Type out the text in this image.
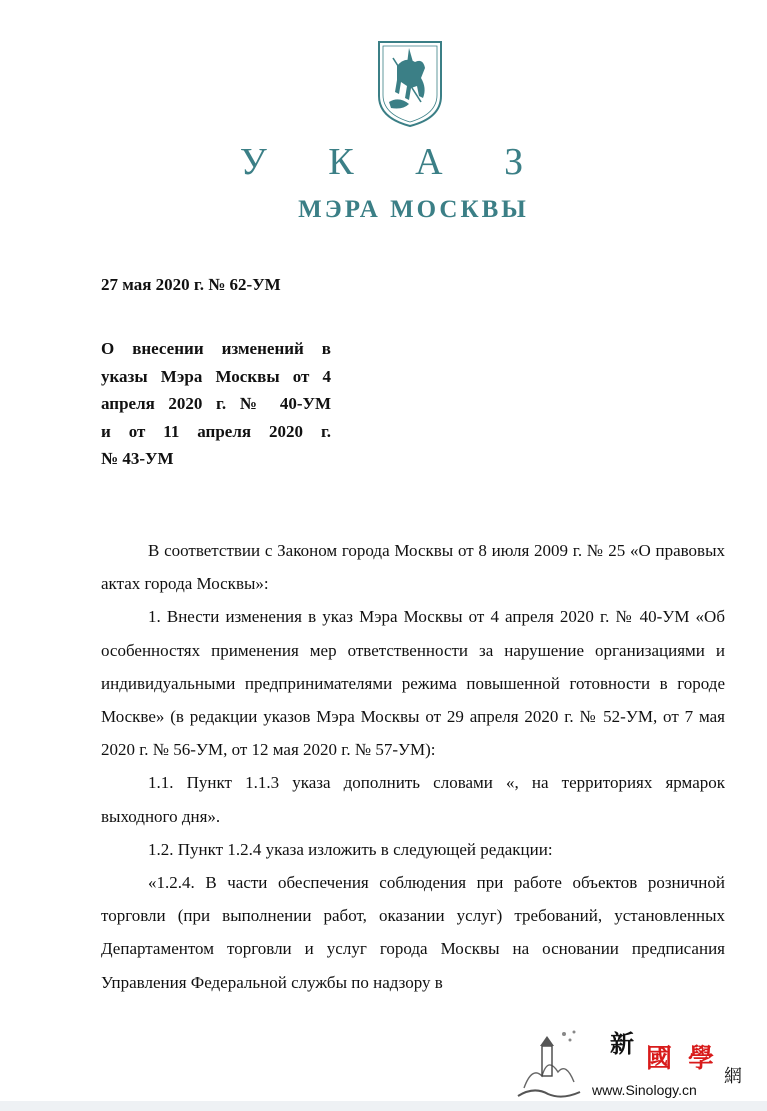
У К А З
МЭРА МОСКВЫ
27 мая 2020 г. № 62-УМ
О внесении изменений в
указы Мэра Москвы от 4
апреля 2020 г. № 40-УМ
и от 11 апреля 2020 г.
№ 43-УМ

В соответствии с Законом города Москвы от 8 июля 2009 г. № 25 «О правовых актах города Москвы»:

1. Внести изменения в указ Мэра Москвы от 4 апреля 2020 г. № 40-УМ «Об особенностях применения мер ответственности за нарушение организациями и индивидуальными предпринимателями режима повышенной готовности в городе Москве» (в редакции указов Мэра Москвы от 29 апреля 2020 г. № 52-УМ, от 7 мая 2020 г. № 56-УМ, от 12 мая 2020 г. № 57-УМ):

1.1. Пункт 1.1.3 указа дополнить словами «, на территориях ярмарок выходного дня».

1.2. Пункт 1.2.4 указа изложить в следующей редакции:

«1.2.4. В части обеспечения соблюдения при работе объектов розничной торговли (при выполнении работ, оказании услуг) требований, установленных Департаментом торговли и услуг города Москвы на основании предписания Управления Федеральной службы по надзору в

新 國 學
網
www.Sinology.cn
